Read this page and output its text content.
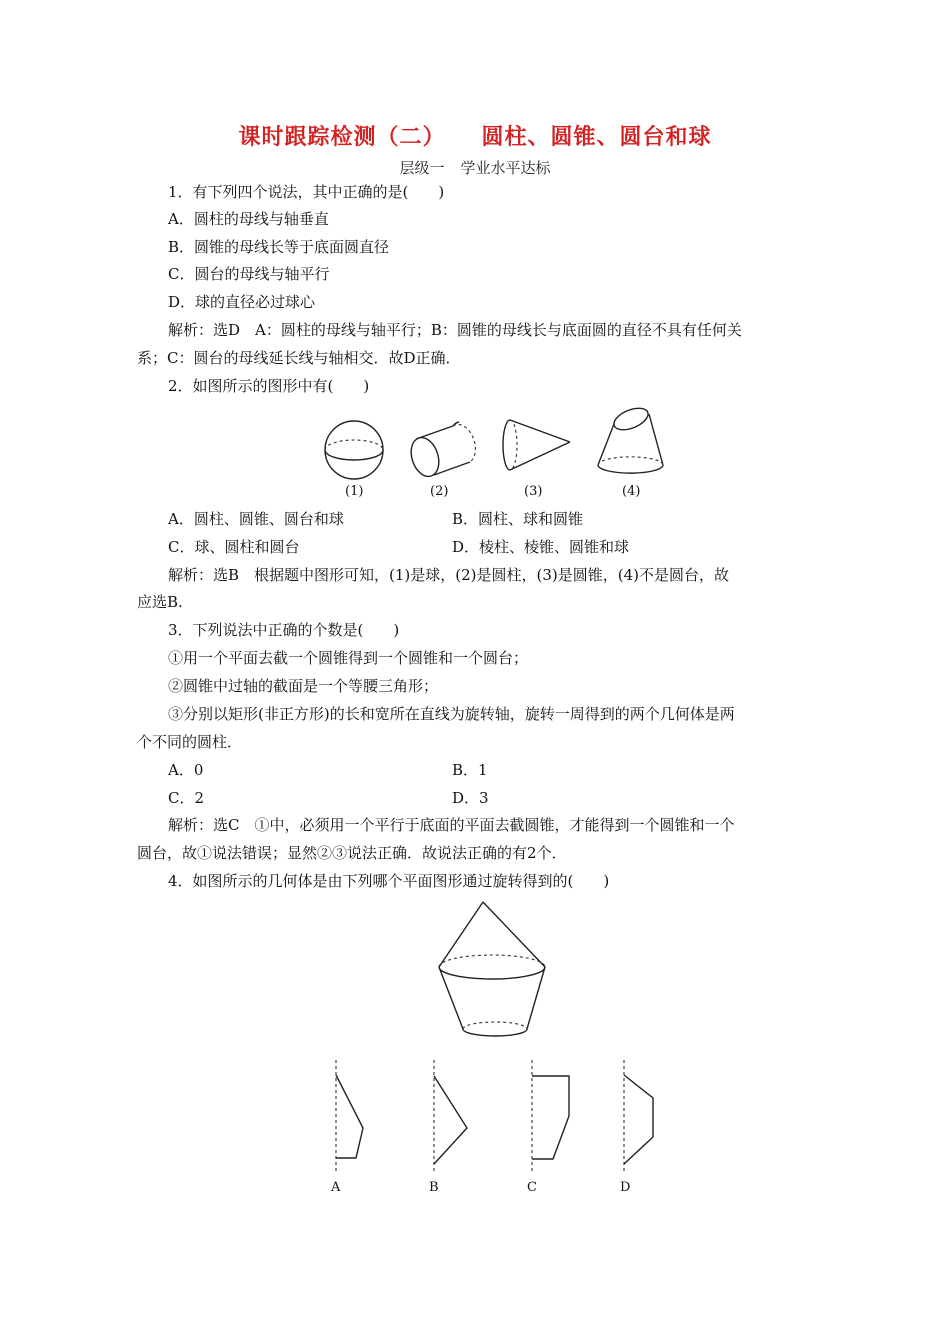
课时跟踪检测（二） 圆柱、圆锥、圆台和球

层级一 学业水平达标

1．有下列四个说法，其中正确的是(　　)

A．圆柱的母线与轴垂直

B．圆锥的母线长等于底面圆直径

C．圆台的母线与轴平行

D．球的直径必过球心

解析：选D　A：圆柱的母线与轴平行；B：圆锥的母线长与底面圆的直径不具有任何关

系；C：圆台的母线延长线与轴相交．故D正确．

2．如图所示的图形中有(　　)

(1)	(2)	(3)	(4)
A．圆柱、圆锥、圆台和球	B．圆柱、球和圆锥
C．球、圆柱和圆台	D．棱柱、棱锥、圆锥和球

解析：选B　根据题中图形可知，(1)是球，(2)是圆柱，(3)是圆锥，(4)不是圆台，故

应选B.

3．下列说法中正确的个数是(　　)

①用一个平面去截一个圆锥得到一个圆锥和一个圆台；

②圆锥中过轴的截面是一个等腰三角形；

③分别以矩形(非正方形)的长和宽所在直线为旋转轴，旋转一周得到的两个几何体是两

个不同的圆柱．

A．0	B．1
C．2	D．3

解析：选C　①中，必须用一个平行于底面的平面去截圆锥，才能得到一个圆锥和一个

圆台，故①说法错误；显然②③说法正确．故说法正确的有2个．

4．如图所示的几何体是由下列哪个平面图形通过旋转得到的(　　)

A	B	C	D
